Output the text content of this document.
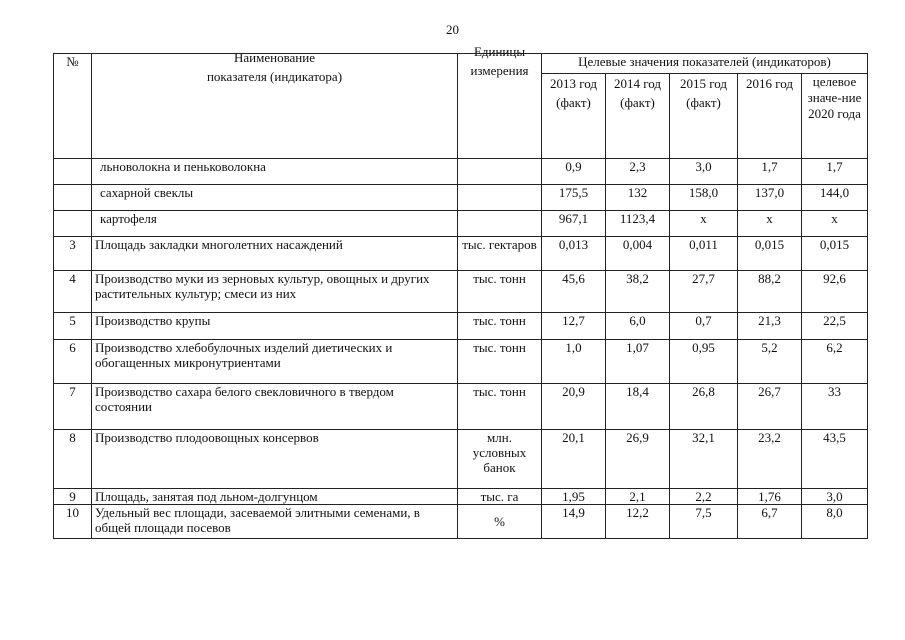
20
№	Наименование показателя (индикатора)	Единицы измерения	Целевые значения показателей (индикаторов)				
			2013 год (факт)	2014 год (факт)	2015 год (факт)	2016 год	целевое значе-ние 2020 года
	льноволокна и пеньковолокна		0,9	2,3	3,0	1,7	1,7
	сахарной свеклы		175,5	132	158,0	137,0	144,0
	картофеля		967,1	1123,4	х	х	х
3	Площадь закладки многолетних насаждений	тыс. гектаров	0,013	0,004	0,011	0,015	0,015
4	Производство муки из зерновых культур, овощных и других растительных культур; смеси из них	тыс. тонн	45,6	38,2	27,7	88,2	92,6
5	Производство крупы	тыс. тонн	12,7	6,0	0,7	21,3	22,5
6	Производство хлебобулочных изделий диетических и обогащенных микронутриентами	тыс. тонн	1,0	1,07	0,95	5,2	6,2
7	Производство сахара белого свекловичного в твердом состоянии	тыс. тонн	20,9	18,4	26,8	26,7	33
8	Производство плодоовощных консервов	млн. условных банок	20,1	26,9	32,1	23,2	43,5
9	Площадь, занятая под льном-долгунцом	тыс. га	1,95	2,1	2,2	1,76	3,0
10	Удельный вес площади, засеваемой элитными семенами, в общей площади посевов	%	14,9	12,2	7,5	6,7	8,0
